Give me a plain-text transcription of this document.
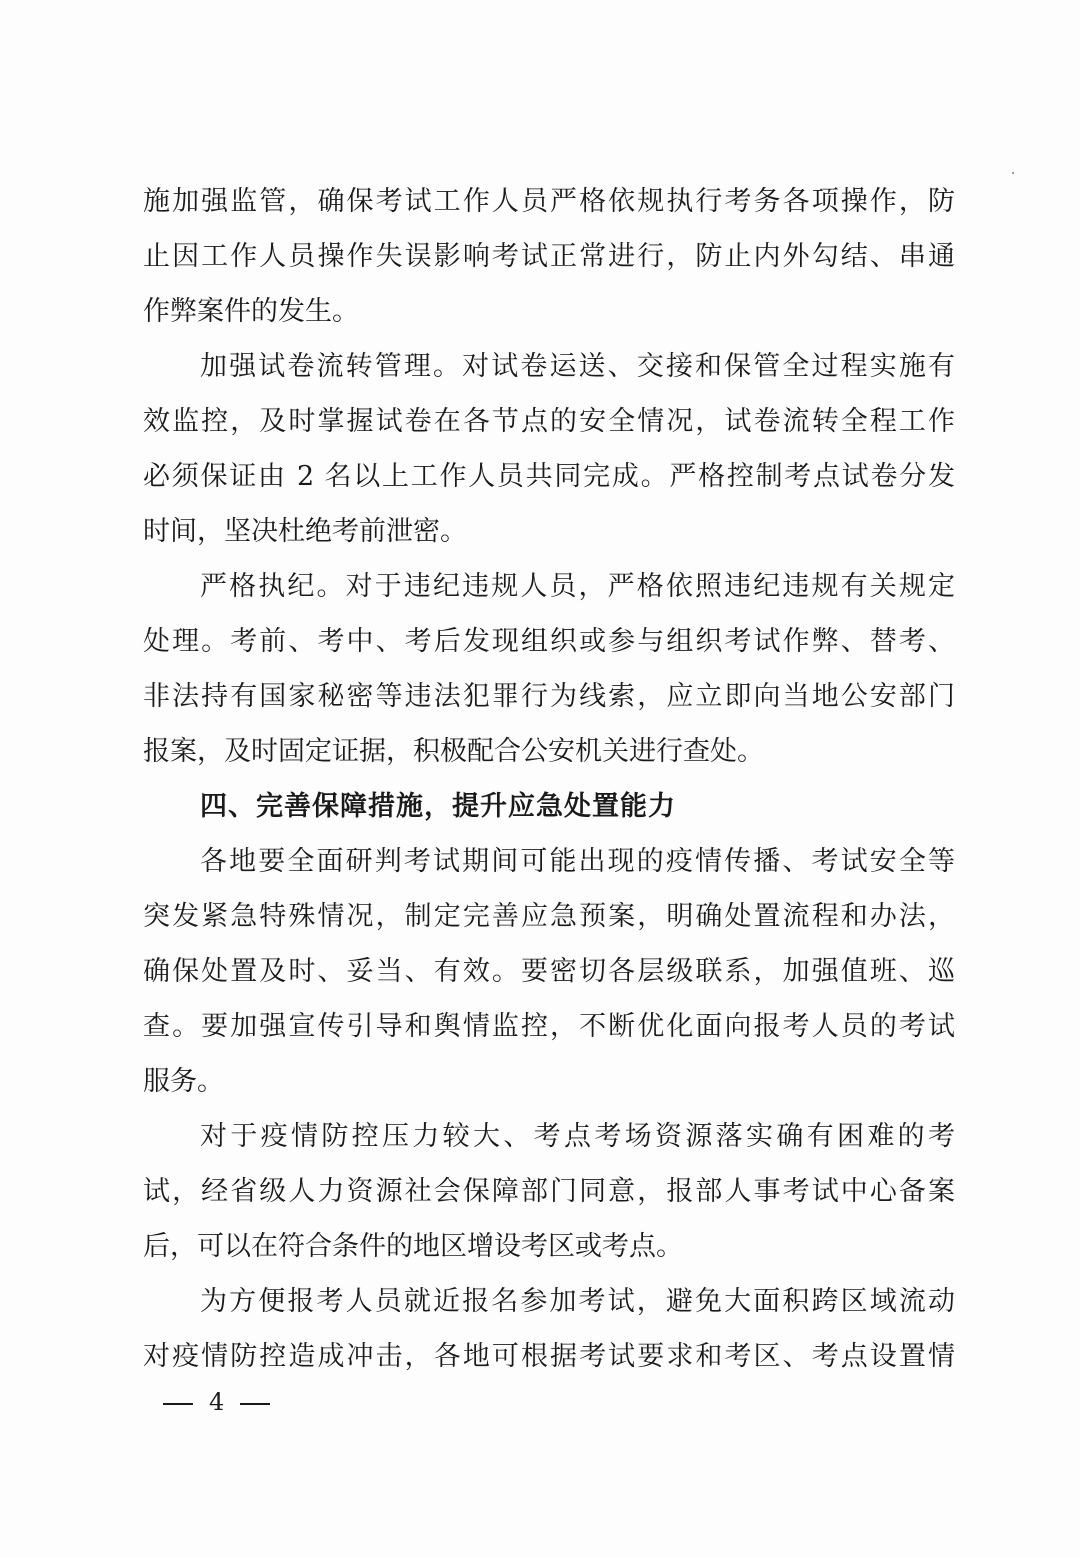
施加强监管，确保考试工作人员严格依规执行考务各项操作，防
止因工作人员操作失误影响考试正常进行，防止内外勾结、串通
作弊案件的发生。
加强试卷流转管理。对试卷运送、交接和保管全过程实施有
效监控，及时掌握试卷在各节点的安全情况，试卷流转全程工作
必须保证由 2 名以上工作人员共同完成。严格控制考点试卷分发
时间，坚决杜绝考前泄密。
严格执纪。对于违纪违规人员，严格依照违纪违规有关规定
处理。考前、考中、考后发现组织或参与组织考试作弊、替考、
非法持有国家秘密等违法犯罪行为线索，应立即向当地公安部门
报案，及时固定证据，积极配合公安机关进行查处。
四、完善保障措施，提升应急处置能力
各地要全面研判考试期间可能出现的疫情传播、考试安全等
突发紧急特殊情况，制定完善应急预案，明确处置流程和办法，
确保处置及时、妥当、有效。要密切各层级联系，加强值班、巡
查。要加强宣传引导和舆情监控，不断优化面向报考人员的考试
服务。
对于疫情防控压力较大、考点考场资源落实确有困难的考
试，经省级人力资源社会保障部门同意，报部人事考试中心备案
后，可以在符合条件的地区增设考区或考点。
为方便报考人员就近报名参加考试，避免大面积跨区域流动
对疫情防控造成冲击，各地可根据考试要求和考区、考点设置情
4
